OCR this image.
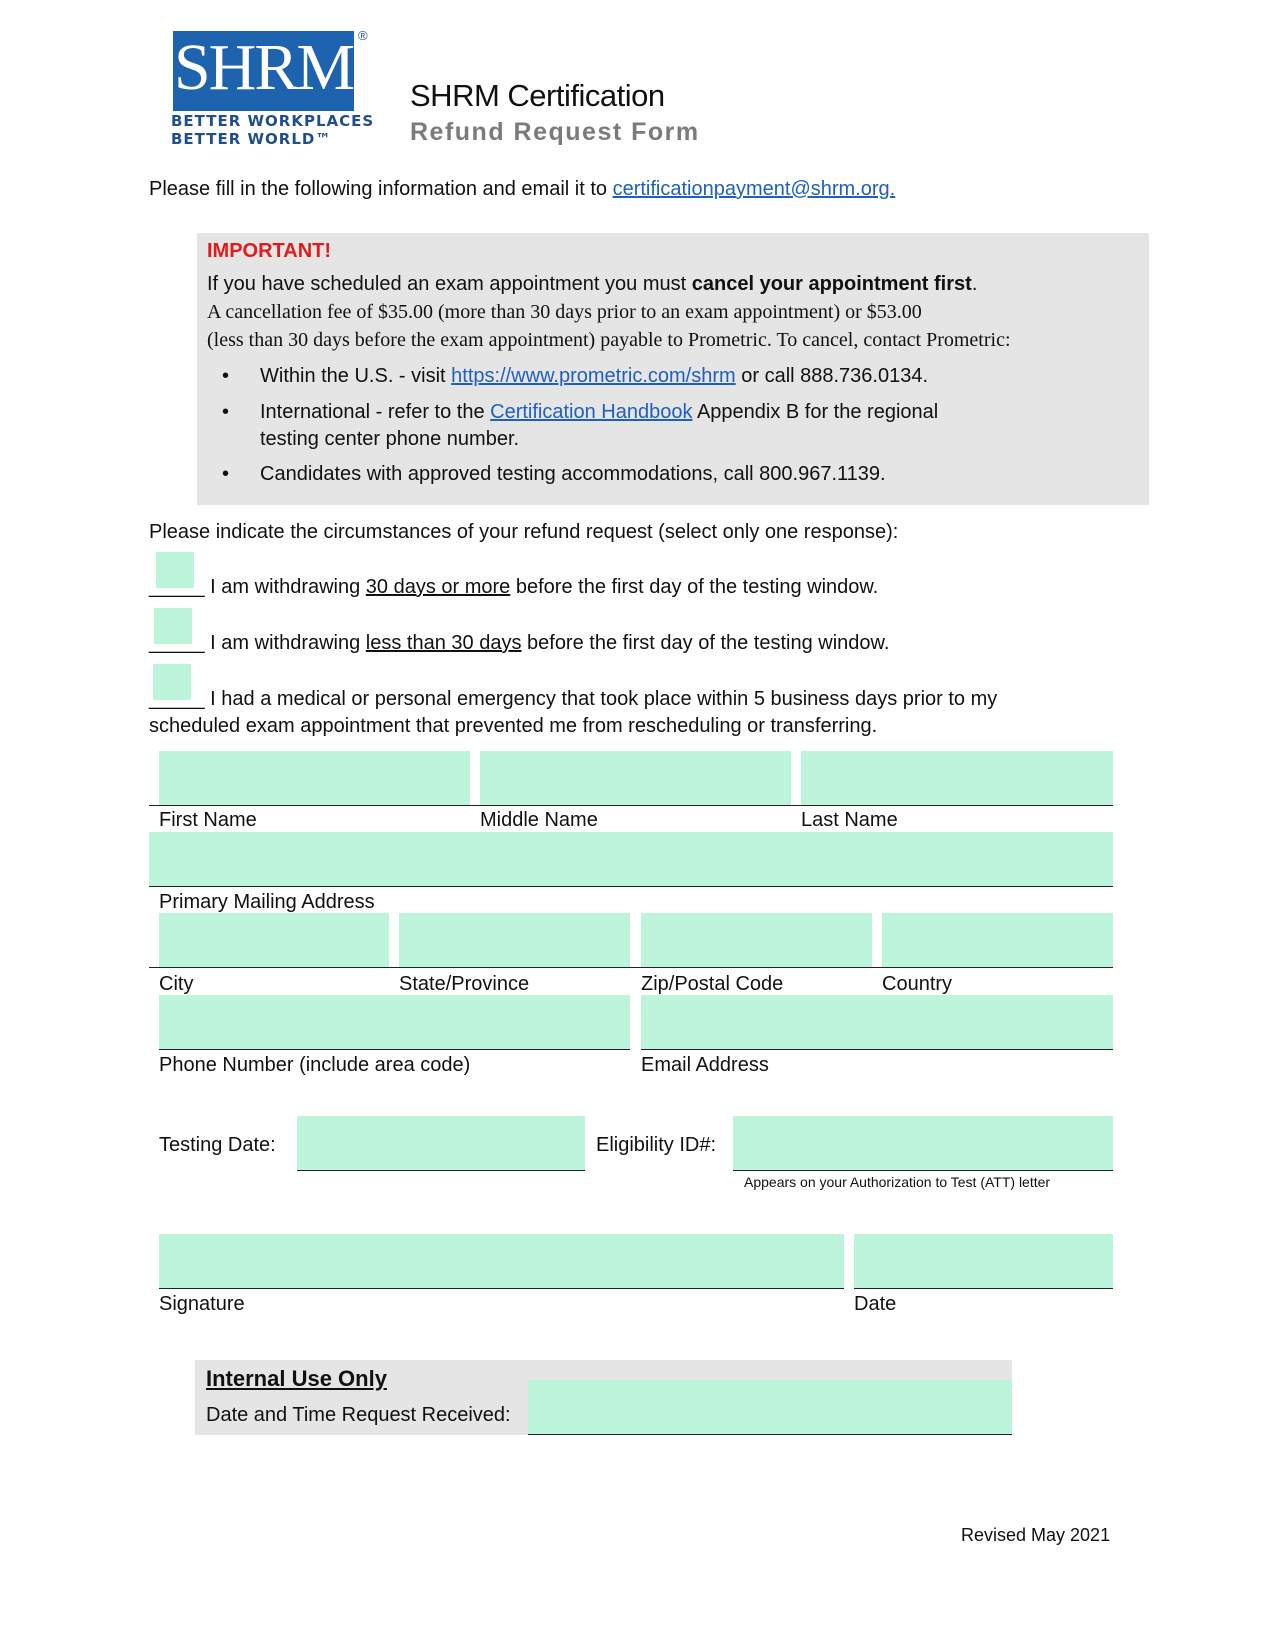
SHRM ®
BETTER WORKPLACES
BETTER WORLD™
SHRM Certification
Refund Request Form
Please fill in the following information and email it to certificationpayment@shrm.org.
IMPORTANT!
If you have scheduled an exam appointment you must cancel your appointment first.
A cancellation fee of $35.00 (more than 30 days prior to an exam appointment) or $53.00
(less than 30 days before the exam appointment) payable to Prometric. To cancel, contact Prometric:
• Within the U.S. - visit https://www.prometric.com/shrm or call 888.736.0134.
• International - refer to the Certification Handbook Appendix B for the regional
testing center phone number.
• Candidates with approved testing accommodations, call 800.967.1139.
Please indicate the circumstances of your refund request (select only one response):
_____ I am withdrawing 30 days or more before the first day of the testing window.
_____ I am withdrawing less than 30 days before the first day of the testing window.
_____ I had a medical or personal emergency that took place within 5 business days prior to my
scheduled exam appointment that prevented me from rescheduling or transferring.
First Name	Middle Name	Last Name
Primary Mailing Address
City	State/Province	Zip/Postal Code	Country
Phone Number (include area code)	Email Address
Testing Date:	Eligibility ID#:
Appears on your Authorization to Test (ATT) letter
Signature	Date
Internal Use Only
Date and Time Request Received:
Revised May 2021
